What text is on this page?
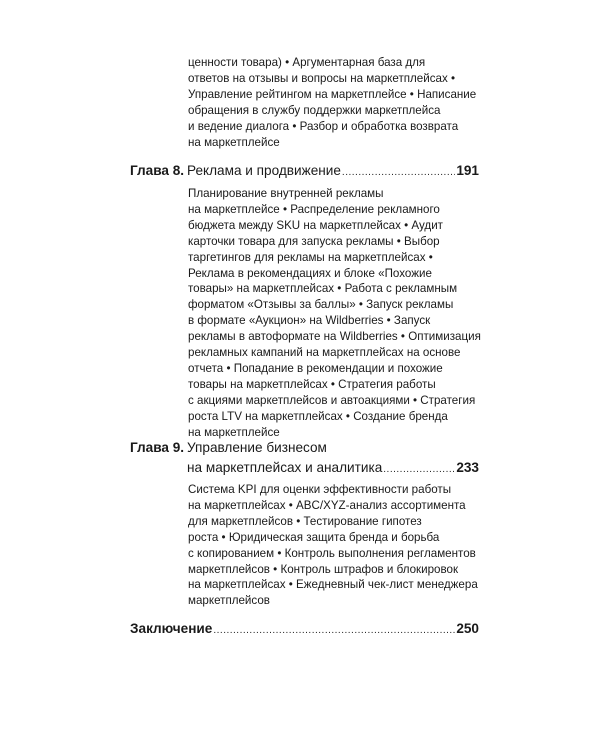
ценности товара) • Аргументарная база для
ответов на отзывы и вопросы на маркетплейсах •
Управление рейтингом на маркетплейсе • Написание
обращения в службу поддержки маркетплейса
и ведение диалога • Разбор и обработка возврата
на маркетплейсе
Глава 8. Реклама и продвижение .....	191
Планирование внутренней рекламы
на маркетплейсе • Распределение рекламного
бюджета между SKU на маркетплейсах • Аудит
карточки товара для запуска рекламы • Выбор
таргетингов для рекламы на маркетплейсах •
Реклама в рекомендациях и блоке «Похожие
товары» на маркетплейсах • Работа с рекламным
форматом «Отзывы за баллы» • Запуск рекламы
в формате «Аукцион» на Wildberries • Запуск
рекламы в автоформате на Wildberries • Оптимизация
рекламных кампаний на маркетплейсах на основе
отчета • Попадание в рекомендации и похожие
товары на маркетплейсах • Стратегия работы
с акциями маркетплейсов и автоакциями • Стратегия
роста LTV на маркетплейсах • Создание бренда
на маркетплейсе
Глава 9. Управление бизнесом
на маркетплейсах и аналитика .....	233
Система KPI для оценки эффективности работы
на маркетплейсах • ABC/XYZ-анализ ассортимента
для маркетплейсов • Тестирование гипотез
роста • Юридическая защита бренда и борьба
с копированием • Контроль выполнения регламентов
маркетплейсов • Контроль штрафов и блокировок
на маркетплейсах • Ежедневный чек-лист менеджера
маркетплейсов
Заключение .....	250
